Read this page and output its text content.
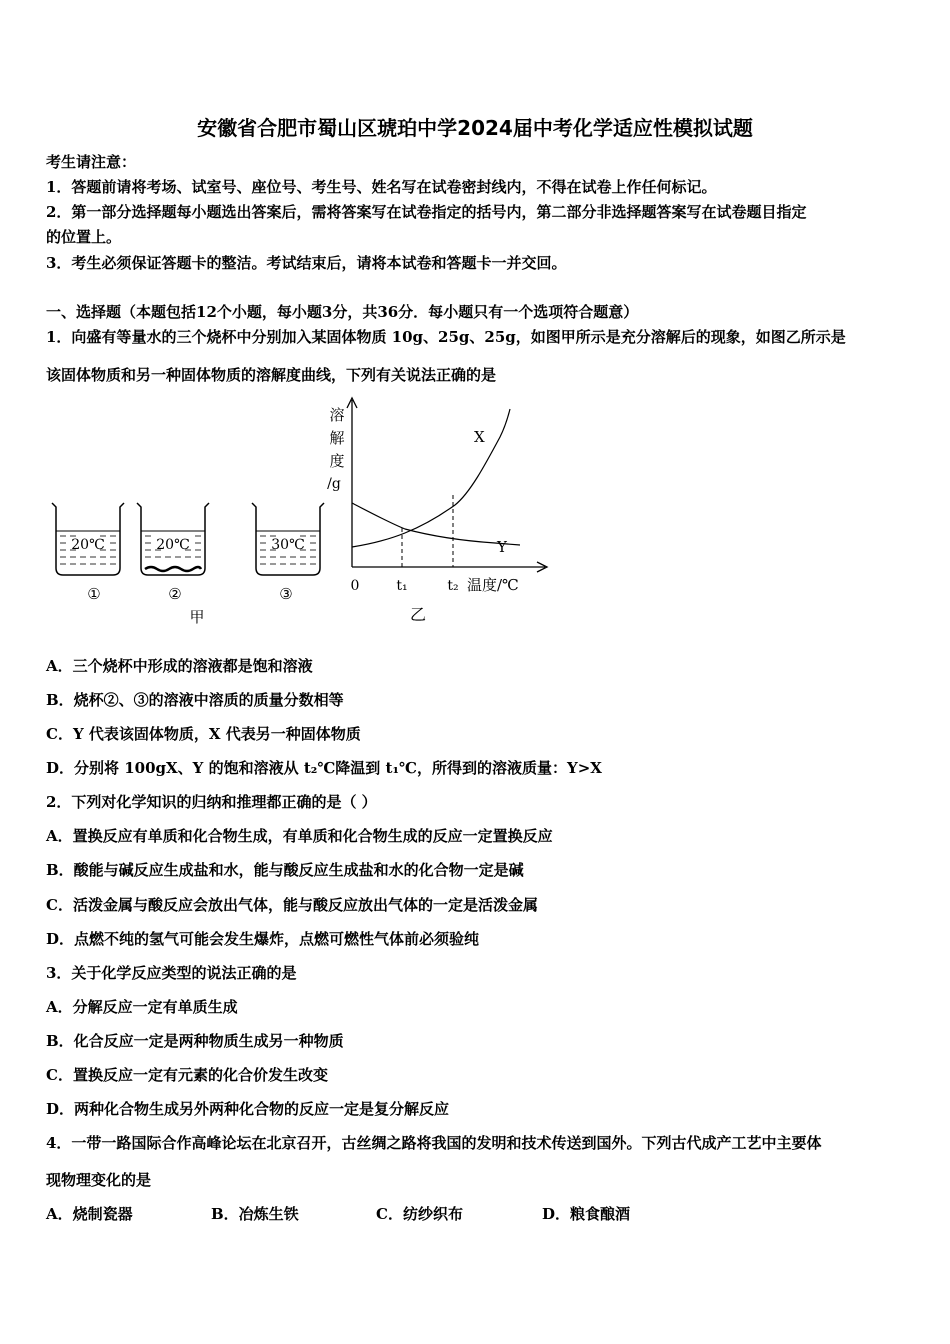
安徽省合肥市蜀山区琥珀中学2024届中考化学适应性模拟试题
考生请注意：
1．答题前请将考场、试室号、座位号、考生号、姓名写在试卷密封线内，不得在试卷上作任何标记。
2．第一部分选择题每小题选出答案后，需将答案写在试卷指定的括号内，第二部分非选择题答案写在试卷题目指定
的位置上。
3．考生必须保证答题卡的整洁。考试结束后，请将本试卷和答题卡一并交回。
一、选择题（本题包括12个小题，每小题3分，共36分．每小题只有一个选项符合题意）
1．向盛有等量水的三个烧杯中分别加入某固体物质 10g、25g、25g，如图甲所示是充分溶解后的现象，如图乙所示是
该固体物质和另一种固体物质的溶解度曲线，下列有关说法正确的是
20℃
①
20℃
②
30℃
③
甲
溶
解
度
/g
X
Y
0	t₁	t₂ 温度/℃
乙
A．三个烧杯中形成的溶液都是饱和溶液
B．烧杯②、③的溶液中溶质的质量分数相等
C．Y 代表该固体物质，X 代表另一种固体物质
D．分别将 100gX、Y 的饱和溶液从 t₂℃降温到 t₁℃，所得到的溶液质量：Y>X
2．下列对化学知识的归纳和推理都正确的是（ ）
A．置换反应有单质和化合物生成，有单质和化合物生成的反应一定置换反应
B．酸能与碱反应生成盐和水，能与酸反应生成盐和水的化合物一定是碱
C．活泼金属与酸反应会放出气体，能与酸反应放出气体的一定是活泼金属
D．点燃不纯的氢气可能会发生爆炸，点燃可燃性气体前必须验纯
3．关于化学反应类型的说法正确的是
A．分解反应一定有单质生成
B．化合反应一定是两种物质生成另一种物质
C．置换反应一定有元素的化合价发生改变
D．两种化合物生成另外两种化合物的反应一定是复分解反应
4．一带一路国际合作高峰论坛在北京召开，古丝绸之路将我国的发明和技术传送到国外。下列古代成产工艺中主要体
现物理变化的是
A．烧制瓷器	B．冶炼生铁	C．纺纱织布	D．粮食酿酒
